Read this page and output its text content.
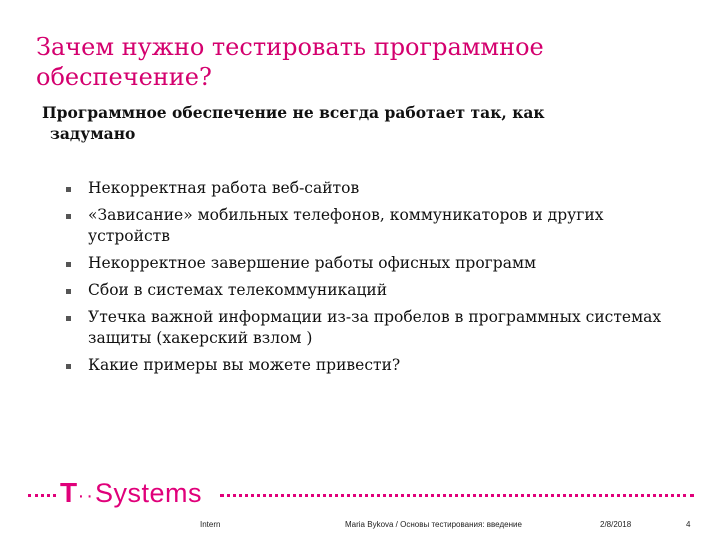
Зачем нужно тестировать программное обеспечение?
Программное обеспечение не всегда работает так, как
задумано
Некорректная работа веб-сайтов
«Зависание» мобильных телефонов, коммуникаторов и других устройств
Некорректное завершение работы офисных программ
Сбои в системах телекоммуникаций
Утечка важной информации из-за пробелов в программных системах защиты (хакерский взлом )
Какие примеры вы можете привести?
T··Systems
Intern	Maria Bykova / Основы тестирования: введение	2/8/2018	4
